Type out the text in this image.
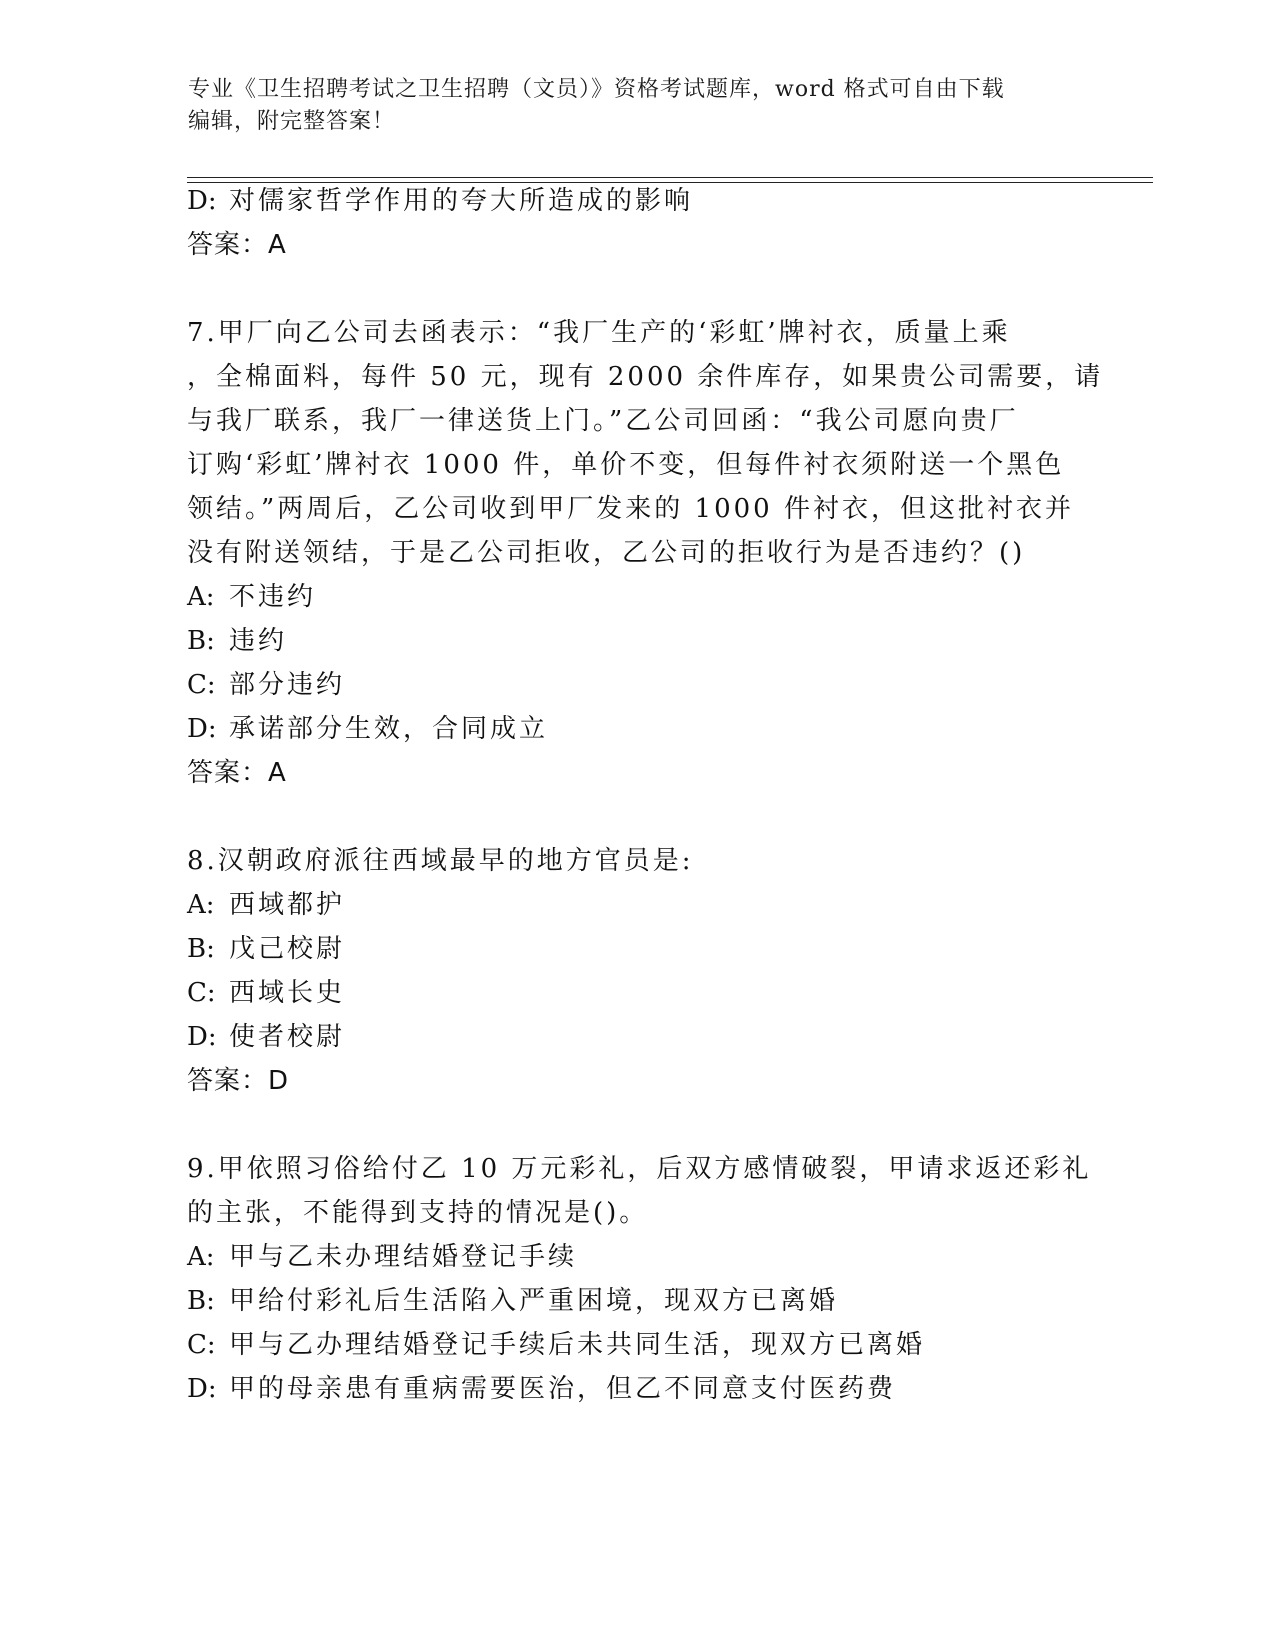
专业《卫生招聘考试之卫生招聘（文员）》资格考试题库，word 格式可自由下载
编辑，附完整答案！
D: 对儒家哲学作用的夸大所造成的影响
答案：A
7.甲厂向乙公司去函表示：“我厂生产的‘彩虹’牌衬衣，质量上乘
，全棉面料，每件 50 元，现有 2000 余件库存，如果贵公司需要，请
与我厂联系，我厂一律送货上门。”乙公司回函：“我公司愿向贵厂
订购‘彩虹’牌衬衣 1000 件，单价不变，但每件衬衣须附送一个黑色
领结。”两周后，乙公司收到甲厂发来的 1000 件衬衣，但这批衬衣并
没有附送领结，于是乙公司拒收，乙公司的拒收行为是否违约？()
A: 不违约
B: 违约
C: 部分违约
D: 承诺部分生效，合同成立
答案：A
8.汉朝政府派往西域最早的地方官员是:
A: 西域都护
B: 戊己校尉
C: 西域长史
D: 使者校尉
答案：D
9.甲依照习俗给付乙 10 万元彩礼，后双方感情破裂，甲请求返还彩礼
的主张，不能得到支持的情况是()。
A: 甲与乙未办理结婚登记手续
B: 甲给付彩礼后生活陷入严重困境，现双方已离婚
C: 甲与乙办理结婚登记手续后未共同生活，现双方已离婚
D: 甲的母亲患有重病需要医治，但乙不同意支付医药费
